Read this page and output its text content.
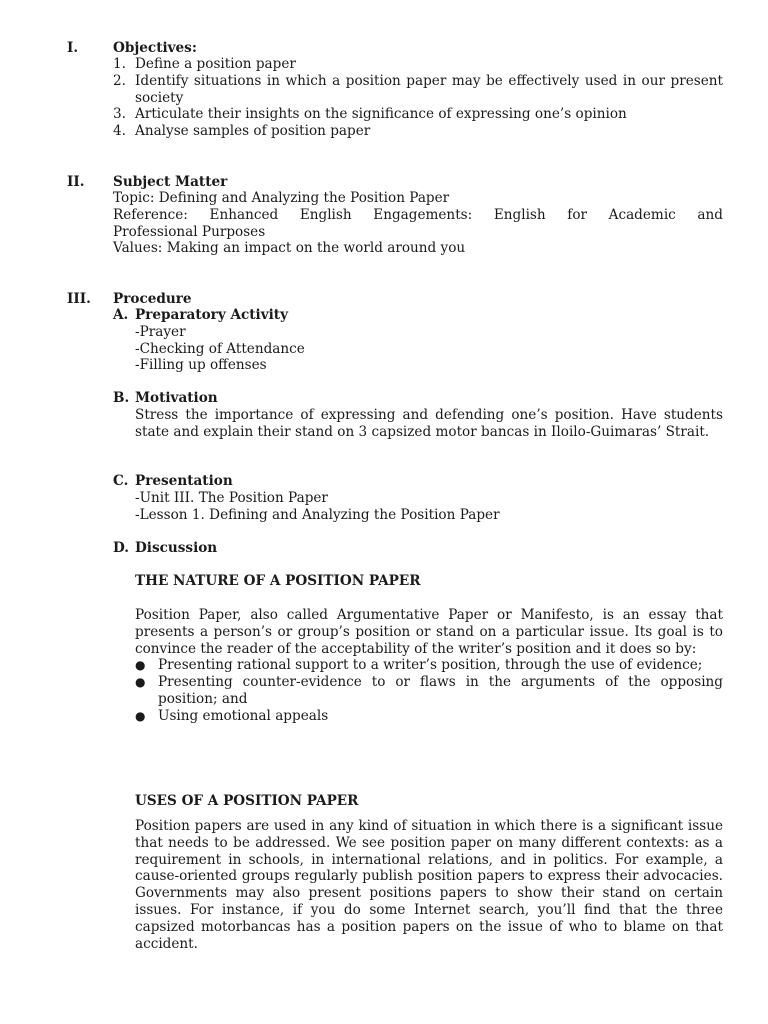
I.	Objectives:
1. Define a position paper
2. Identify situations in which a position paper may be effectively used in our present society
3. Articulate their insights on the significance of expressing one’s opinion
4. Analyse samples of position paper
II. Subject Matter

Topic: Defining and Analyzing the Position Paper

Reference: Enhanced English Engagements: English for Academic and

Professional Purposes

Values: Making an impact on the world around you

III. Procedure
A. Preparatory Activity
-Prayer
-Checking of Attendance
-Filling up offenses
B. Motivation

Stress the importance of expressing and defending one’s position. Have students state and explain their stand on 3 capsized motor bancas in Iloilo-Guimaras’ Strait.

C. Presentation
-Unit III. The Position Paper
-Lesson 1. Defining and Analyzing the Position Paper
D. Discussion
THE NATURE OF A POSITION PAPER

Position Paper, also called Argumentative Paper or Manifesto, is an essay that presents a person’s or group’s position or stand on a particular issue. Its goal is to convince the reader of the acceptability of the writer’s position and it does so by:

● Presenting rational support to a writer’s position, through the use of evidence;
● Presenting counter-evidence to or flaws in the arguments of the opposing position; and
● Using emotional appeals
USES OF A POSITION PAPER

Position papers are used in any kind of situation in which there is a significant issue that needs to be addressed. We see position paper on many different contexts: as a requirement in schools, in international relations, and in politics. For example, a cause-oriented groups regularly publish position papers to express their advocacies. Governments may also present positions papers to show their stand on certain issues. For instance, if you do some Internet search, you’ll find that the three capsized motorbancas has a position papers on the issue of who to blame on that accident.
